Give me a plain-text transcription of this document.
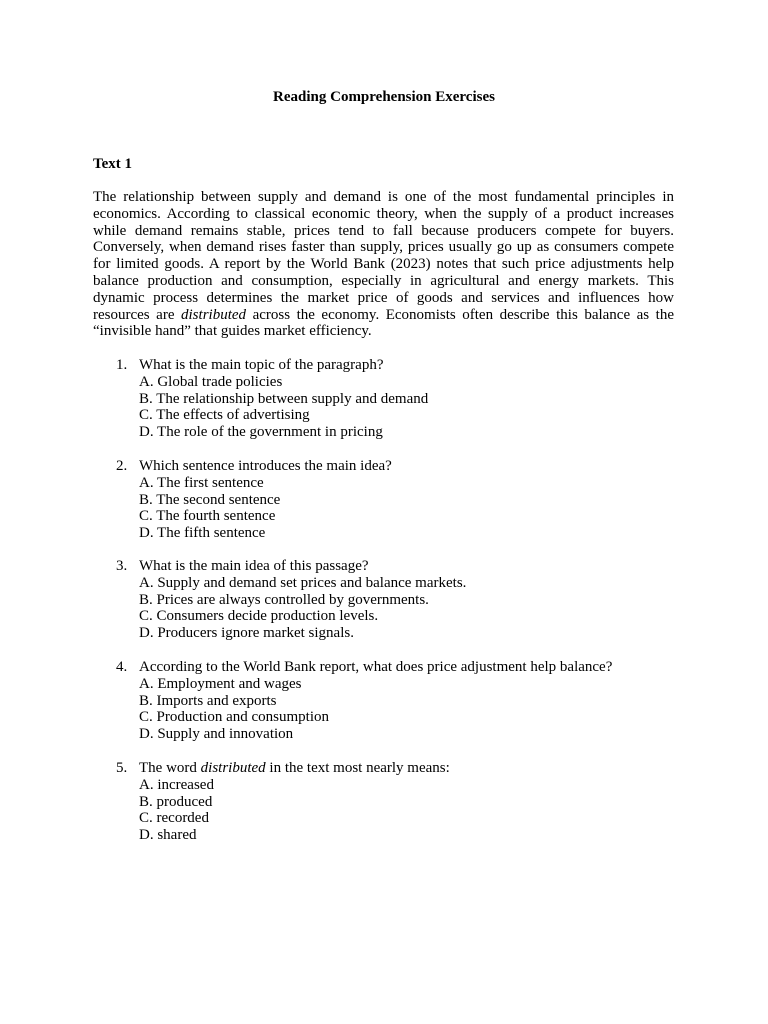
Reading Comprehension Exercises
Text 1
The relationship between supply and demand is one of the most fundamental principles in economics. According to classical economic theory, when the supply of a product increases while demand remains stable, prices tend to fall because producers compete for buyers. Conversely, when demand rises faster than supply, prices usually go up as consumers compete for limited goods. A report by the World Bank (2023) notes that such price adjustments help balance production and consumption, especially in agricultural and energy markets. This dynamic process determines the market price of goods and services and influences how resources are distributed across the economy. Economists often describe this balance as the “invisible hand” that guides market efficiency.
1. What is the main topic of the paragraph?
A. Global trade policies
B. The relationship between supply and demand
C. The effects of advertising
D. The role of the government in pricing
2. Which sentence introduces the main idea?
A. The first sentence
B. The second sentence
C. The fourth sentence
D. The fifth sentence
3. What is the main idea of this passage?
A. Supply and demand set prices and balance markets.
B. Prices are always controlled by governments.
C. Consumers decide production levels.
D. Producers ignore market signals.
4. According to the World Bank report, what does price adjustment help balance?
A. Employment and wages
B. Imports and exports
C. Production and consumption
D. Supply and innovation
5. The word distributed in the text most nearly means:
A. increased
B. produced
C. recorded
D. shared
